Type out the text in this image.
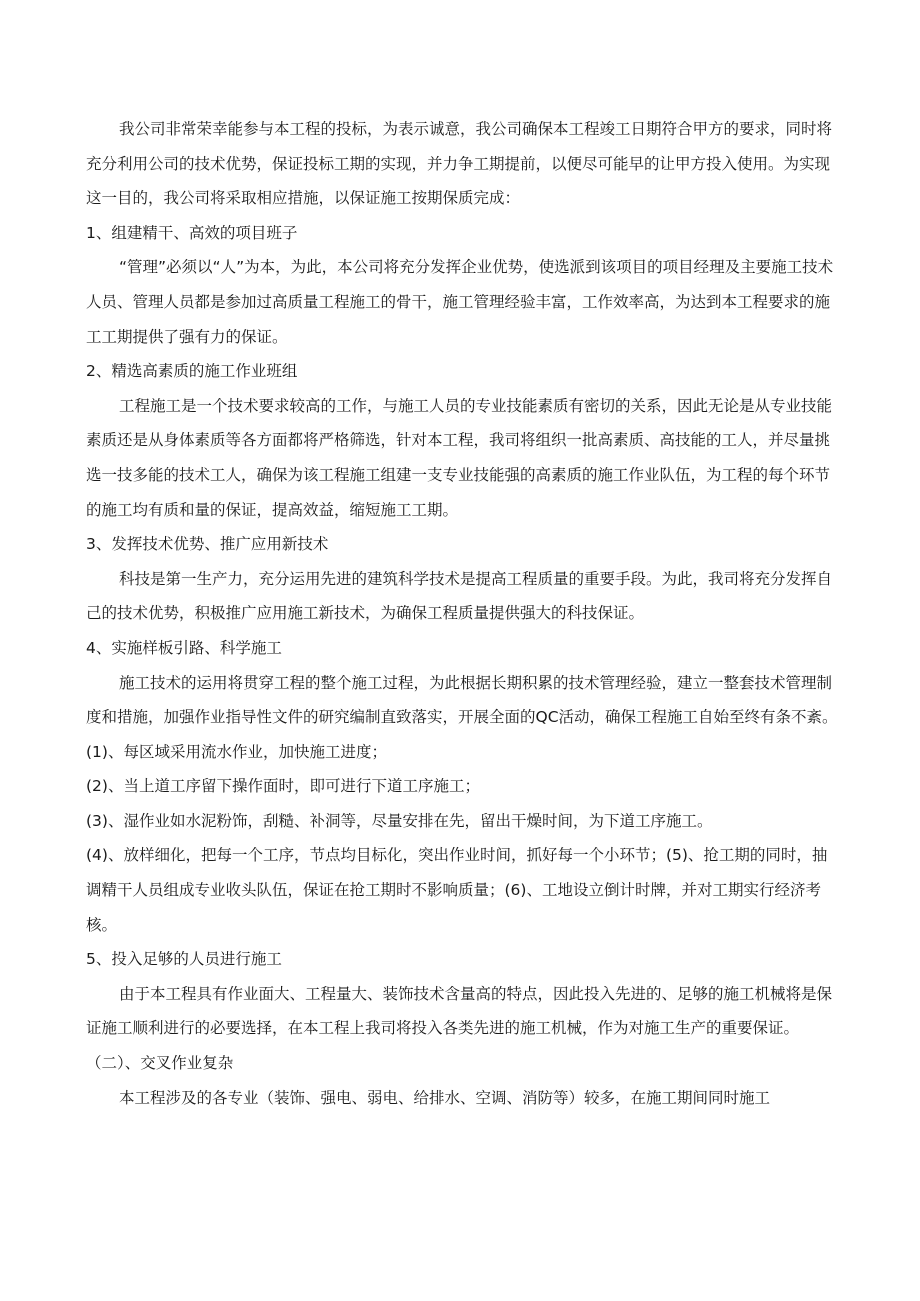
我公司非常荣幸能参与本工程的投标，为表示诚意，我公司确保本工程竣工日期符合甲方的要求，同时将充分利用公司的技术优势，保证投标工期的实现，并力争工期提前，以便尽可能早的让甲方投入使用。为实现这一目的，我公司将采取相应措施，以保证施工按期保质完成：

1、组建精干、高效的项目班子

“管理”必须以“人”为本，为此，本公司将充分发挥企业优势，使选派到该项目的项目经理及主要施工技术人员、管理人员都是参加过高质量工程施工的骨干，施工管理经验丰富，工作效率高，为达到本工程要求的施工工期提供了强有力的保证。

2、精选高素质的施工作业班组

工程施工是一个技术要求较高的工作，与施工人员的专业技能素质有密切的关系，因此无论是从专业技能素质还是从身体素质等各方面都将严格筛选，针对本工程，我司将组织一批高素质、高技能的工人，并尽量挑选一技多能的技术工人，确保为该工程施工组建一支专业技能强的高素质的施工作业队伍，为工程的每个环节的施工均有质和量的保证，提高效益，缩短施工工期。

3、发挥技术优势、推广应用新技术

科技是第一生产力，充分运用先进的建筑科学技术是提高工程质量的重要手段。为此，我司将充分发挥自己的技术优势，积极推广应用施工新技术，为确保工程质量提供强大的科技保证。

4、实施样板引路、科学施工

施工技术的运用将贯穿工程的整个施工过程，为此根据长期积累的技术管理经验，建立一整套技术管理制度和措施，加强作业指导性文件的研究编制直致落实，开展全面的QC活动，确保工程施工自始至终有条不紊。

(1)、每区域采用流水作业，加快施工进度；

(2)、当上道工序留下操作面时，即可进行下道工序施工；

(3)、湿作业如水泥粉饰，刮糙、补洞等，尽量安排在先，留出干燥时间，为下道工序施工。

(4)、放样细化，把每一个工序，节点均目标化，突出作业时间，抓好每一个小环节；(5)、抢工期的同时，抽调精干人员组成专业收头队伍，保证在抢工期时不影响质量；(6)、工地设立倒计时牌，并对工期实行经济考核。

5、投入足够的人员进行施工

由于本工程具有作业面大、工程量大、装饰技术含量高的特点，因此投入先进的、足够的施工机械将是保证施工顺利进行的必要选择，在本工程上我司将投入各类先进的施工机械，作为对施工生产的重要保证。

（二）、交叉作业复杂

本工程涉及的各专业（装饰、强电、弱电、给排水、空调、消防等）较多，在施工期间同时施工
